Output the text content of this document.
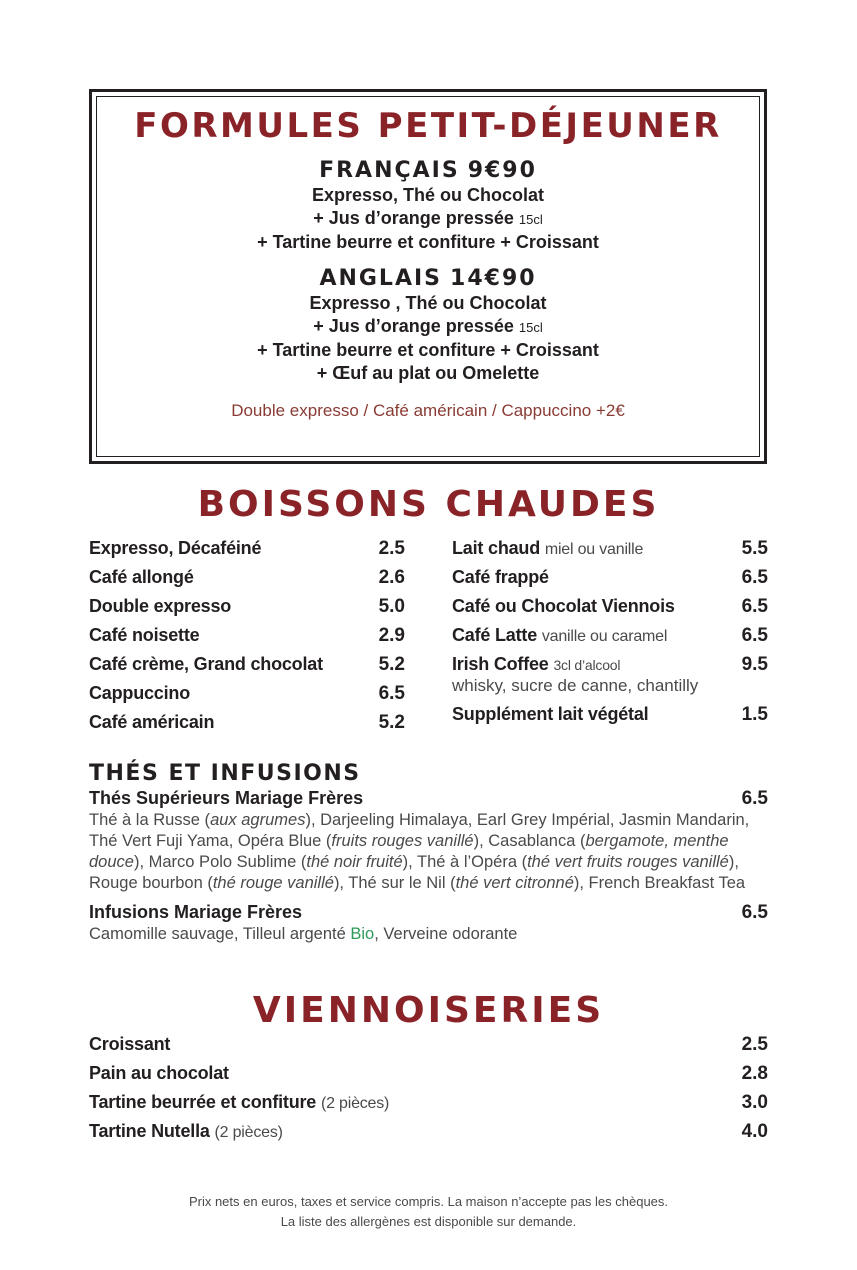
FORMULES PETIT-DÉJEUNER
FRANÇAIS 9€90
Expresso, Thé ou Chocolat
+ Jus d’orange pressée 15cl
+ Tartine beurre et confiture + Croissant
ANGLAIS 14€90
Expresso , Thé ou Chocolat
+ Jus d’orange pressée 15cl
+ Tartine beurre et confiture + Croissant
+ Œuf au plat ou Omelette
Double expresso / Café américain / Cappuccino +2€
BOISSONS CHAUDES
Expresso, Décaféiné	2.5
Café allongé	2.6
Double expresso	5.0
Café noisette	2.9
Café crème, Grand chocolat	5.2
Cappuccino	6.5
Café américain	5.2
Lait chaud miel ou vanille	5.5
Café frappé	6.5
Café ou Chocolat Viennois	6.5
Café Latte vanille ou caramel	6.5
Irish Coffee 3cl d’alcool	9.5
whisky, sucre de canne, chantilly
Supplément lait végétal	1.5
THÉS ET INFUSIONS
Thés Supérieurs Mariage Frères	6.5
Thé à la Russe (aux agrumes), Darjeeling Himalaya, Earl Grey Impérial, Jasmin Mandarin, Thé Vert Fuji Yama, Opéra Blue (fruits rouges vanillé), Casablanca (bergamote, menthe douce), Marco Polo Sublime (thé noir fruité), Thé à l’Opéra (thé vert fruits rouges vanillé), Rouge bourbon (thé rouge vanillé), Thé sur le Nil (thé vert citronné), French Breakfast Tea
Infusions Mariage Frères	6.5
Camomille sauvage, Tilleul argenté Bio, Verveine odorante
VIENNOISERIES
Croissant	2.5
Pain au chocolat	2.8
Tartine beurrée et confiture (2 pièces)	3.0
Tartine Nutella (2 pièces)	4.0
Prix nets en euros, taxes et service compris. La maison n’accepte pas les chèques.
La liste des allergènes est disponible sur demande.
